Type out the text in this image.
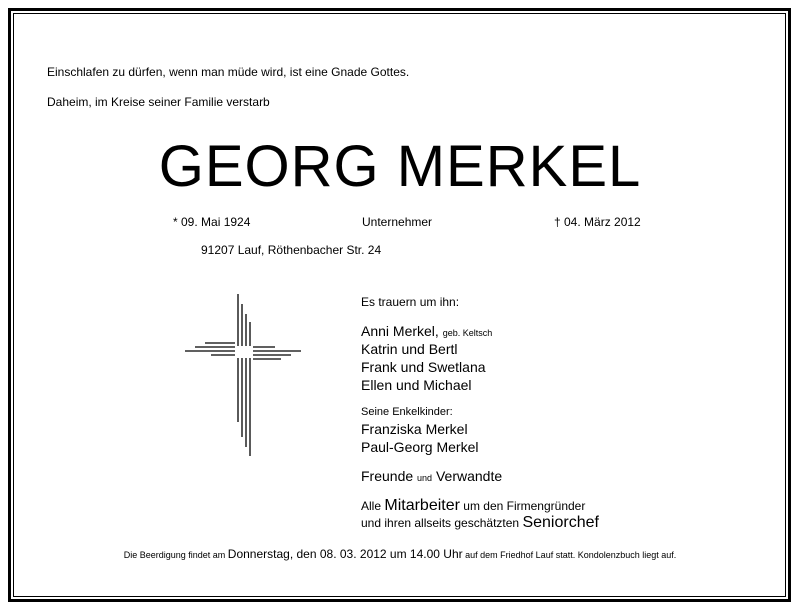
Einschlafen zu dürfen, wenn man müde wird, ist eine Gnade Gottes.
Daheim, im Kreise seiner Familie verstarb
GEORG MERKEL
* 09. Mai 1924	Unternehmer	† 04. März 2012
91207 Lauf, Röthenbacher Str. 24
Es trauern um ihn:
Anni Merkel, geb. Keltsch
Katrin und Bertl
Frank und Swetlana
Ellen und Michael
Seine Enkelkinder:
Franziska Merkel
Paul-Georg Merkel
Freunde und Verwandte
Alle Mitarbeiter um den Firmengründer
und ihren allseits geschätzten Seniorchef
Die Beerdigung findet am Donnerstag, den 08. 03. 2012 um 14.00 Uhr auf dem Friedhof Lauf statt. Kondolenzbuch liegt auf.
